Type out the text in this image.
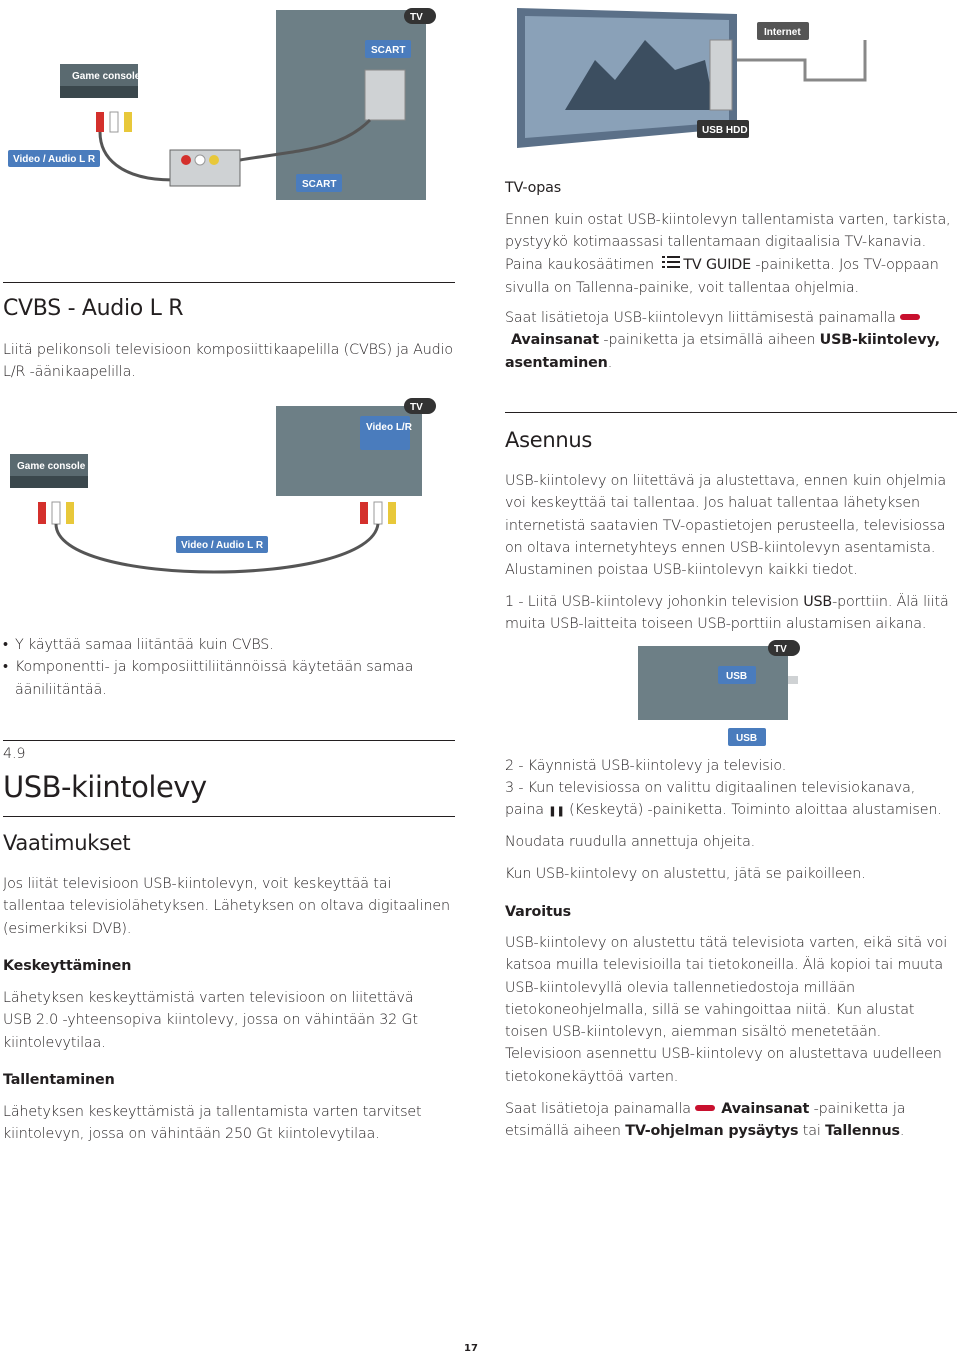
TV
SCART
Game console
Video / Audio L R
SCART
Internet
USB HDD
TV
Video L/R
Game console
Video / Audio L R
TV
USB
USB
CVBS - Audio L R

Liitä pelikonsoli televisioon komposiittikaapelilla (CVBS) ja Audio L/R -äänikaapelilla.

• Y käyttää samaa liitäntää kuin CVBS.
• Komponentti- ja komposiittiliitännöissä käytetään samaa ääniliitäntää.
4.9
USB-kiintolevy
Vaatimukset

Jos liität televisioon USB-kiintolevyn, voit keskeyttää tai tallentaa televisiolähetyksen. Lähetyksen on oltava digitaalinen (esimerkiksi DVB).

Keskeyttäminen

Lähetyksen keskeyttämistä varten televisioon on liitettävä USB 2.0 -yhteensopiva kiintolevy, jossa on vähintään 32 Gt kiintolevytilaa.

Tallentaminen

Lähetyksen keskeyttämistä ja tallentamista varten tarvitset kiintolevyn, jossa on vähintään 250 Gt kiintolevytilaa.

TV-opas

Ennen kuin ostat USB-kiintolevyn tallentamista varten, tarkista, pystyykö kotimaassasi tallentamaan digitaalisia TV-kanavia.

Paina kaukosäätimen TV GUIDE -painiketta. Jos TV-oppaan sivulla on Tallenna-painike, voit tallentaa ohjelmia.

Saat lisätietoja USB-kiintolevyn liittämisestä painamalla
Avainsanat -painiketta ja etsimällä aiheen USB-kiintolevy, asentaminen.

Asennus

USB-kiintolevy on liitettävä ja alustettava, ennen kuin ohjelmia voi keskeyttää tai tallentaa. Jos haluat tallentaa lähetyksen internetistä saatavien TV-opastietojen perusteella, televisiossa on oltava internetyhteys ennen USB-kiintolevyn asentamista. Alustaminen poistaa USB-kiintolevyn kaikki tiedot.

1 - Liitä USB-kiintolevy johonkin television USB-porttiin. Älä liitä muita USB-laitteita toiseen USB-porttiin alustamisen aikana.

2 - Käynnistä USB-kiintolevy ja televisio.

3 - Kun televisiossa on valittu digitaalinen televisiokanava, paina ❚❚ (Keskeytä) -painiketta. Toiminto aloittaa alustamisen.

Noudata ruudulla annettuja ohjeita.

Kun USB-kiintolevy on alustettu, jätä se paikoilleen.

Varoitus

USB-kiintolevy on alustettu tätä televisiota varten, eikä sitä voi katsoa muilla televisioilla tai tietokoneilla. Älä kopioi tai muuta USB-kiintolevyllä olevia tallennetiedostoja millään tietokoneohjelmalla, sillä se vahingoittaa niitä. Kun alustat toisen USB-kiintolevyn, aiemman sisältö menetetään. Televisioon asennettu USB-kiintolevy on alustettava uudelleen tietokonekäyttöä varten.

Saat lisätietoja painamalla Avainsanat -painiketta ja etsimällä aiheen TV-ohjelman pysäytys tai Tallennus.

17
